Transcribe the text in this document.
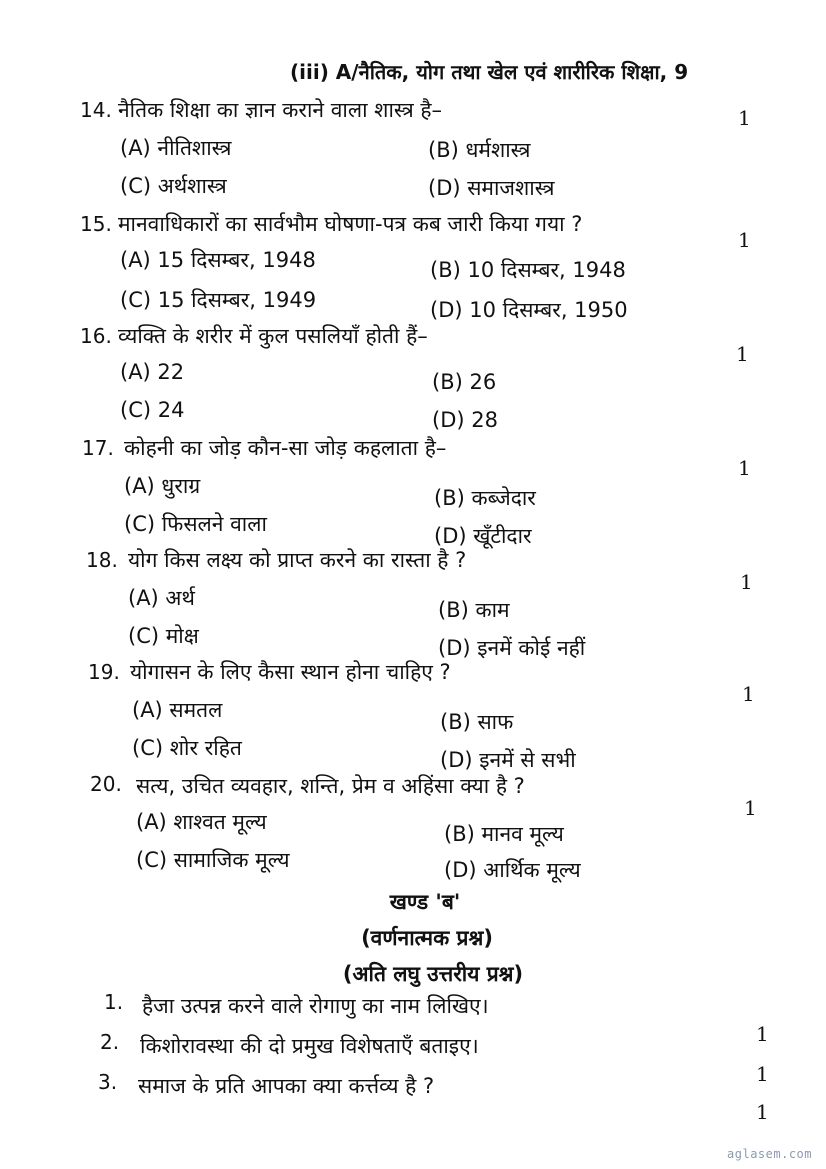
(iii) A/नैतिक, योग तथा खेल एवं शारीरिक शिक्षा, 9
14. नैतिक शिक्षा का ज्ञान कराने वाला शास्त्र है–	1
(A) नीतिशास्त्र	(B) धर्मशास्त्र
(C) अर्थशास्त्र	(D) समाजशास्त्र
15. मानवाधिकारों का सार्वभौम घोषणा-पत्र कब जारी किया गया ?
1
(A) 15 दिसम्बर, 1948	(B) 10 दिसम्बर, 1948
(C) 15 दिसम्बर, 1949	(D) 10 दिसम्बर, 1950
16. व्यक्ति के शरीर में कुल पसलियाँ होती हैं–
1
(A) 22	(B) 26
(C) 24	(D) 28
17. कोहनी का जोड़ कौन-सा जोड़ कहलाता है–
1
(A) धुराग्र	(B) कब्जेदार
(C) फिसलने वाला	(D) खूँटीदार
18. योग किस लक्ष्य को प्राप्त करने का रास्ता है ?
1
(A) अर्थ	(B) काम
(C) मोक्ष	(D) इनमें कोई नहीं
19. योगासन के लिए कैसा स्थान होना चाहिए ?
1
(A) समतल	(B) साफ
(C) शोर रहित	(D) इनमें से सभी
20. सत्य, उचित व्यवहार, शन्ति, प्रेम व अहिंसा क्या है ?
1
(A) शाश्वत मूल्य	(B) मानव मूल्य
(C) सामाजिक मूल्य	(D) आर्थिक मूल्य
खण्ड 'ब'
(वर्णनात्मक प्रश्न)
(अति लघु उत्तरीय प्रश्न)
1. हैजा उत्पन्न करने वाले रोगाणु का नाम लिखिए।
1
2. किशोरावस्था की दो प्रमुख विशेषताएँ बताइए।
1
3. समाज के प्रति आपका क्या कर्त्तव्य है ?
1
aglasem.com
